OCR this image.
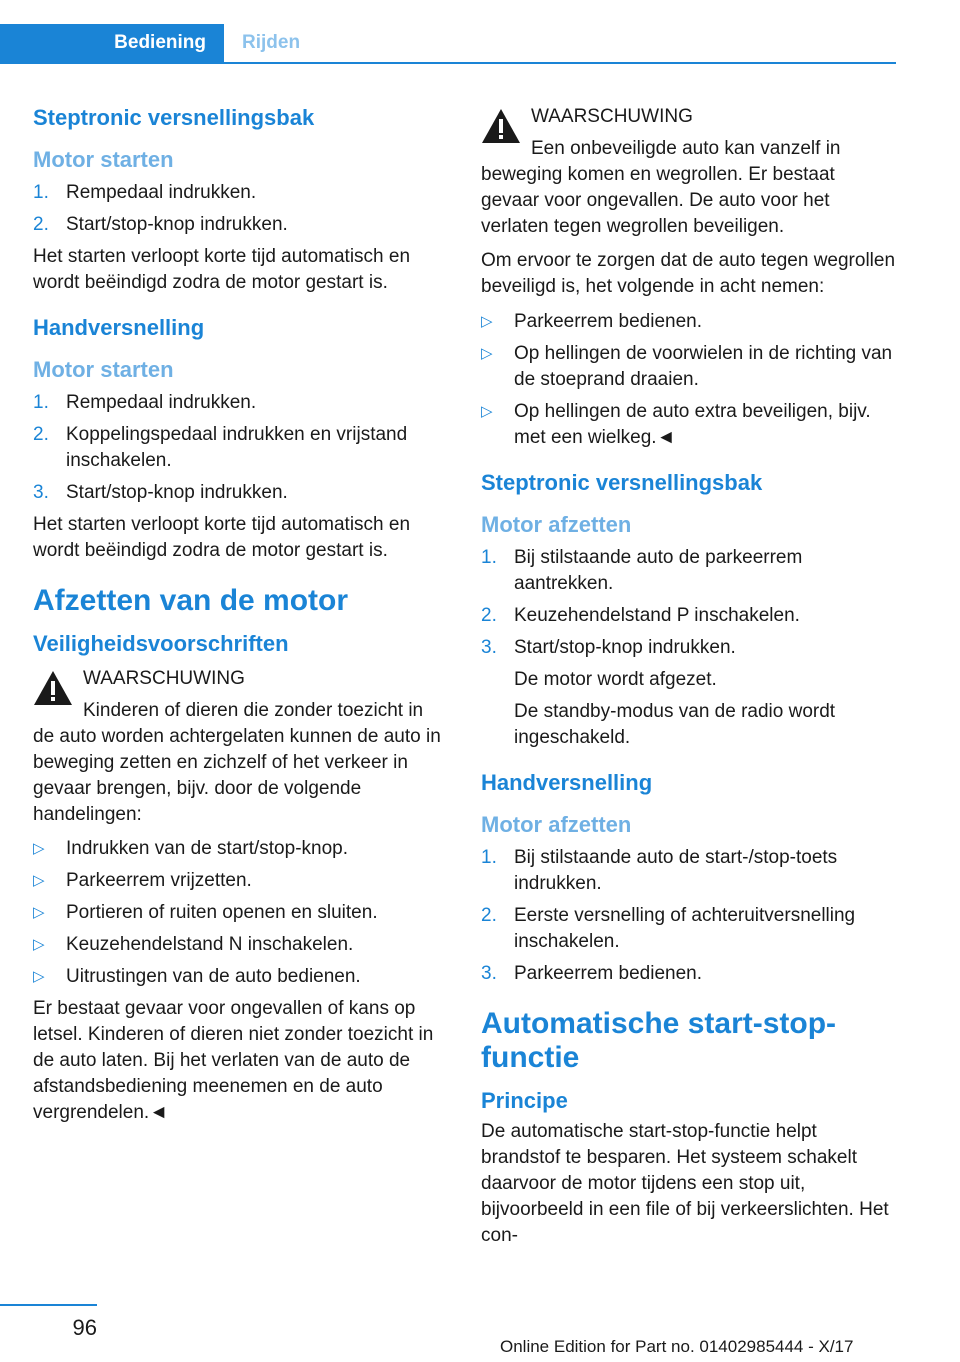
Bediening	Rijden
Steptronic versnellingsbak
Motor starten
1. Rempedaal indrukken.
2. Start/stop-knop indrukken.

Het starten verloopt korte tijd automatisch en wordt beëindigd zodra de motor gestart is.

Handversnelling
Motor starten
1. Rempedaal indrukken.
2. Koppelingspedaal indrukken en vrijstand inschakelen.
3. Start/stop-knop indrukken.

Het starten verloopt korte tijd automatisch en wordt beëindigd zodra de motor gestart is.

Afzetten van de motor
Veiligheidsvoorschriften
WAARSCHUWING

Kinderen of dieren die zonder toezicht in de auto worden achtergelaten kunnen de auto in beweging zetten en zichzelf of het verkeer in gevaar brengen, bijv. door de volgende handelingen:

▷ Indrukken van de start/stop-knop.
▷ Parkeerrem vrijzetten.
▷ Portieren of ruiten openen en sluiten.
▷ Keuzehendelstand N inschakelen.
▷ Uitrustingen van de auto bedienen.

Er bestaat gevaar voor ongevallen of kans op letsel. Kinderen of dieren niet zonder toezicht in de auto laten. Bij het verlaten van de auto de afstandsbediening meenemen en de auto vergrendelen.◄

WAARSCHUWING

Een onbeveiligde auto kan vanzelf in beweging komen en wegrollen. Er bestaat gevaar voor ongevallen. De auto voor het verlaten tegen wegrollen beveiligen.

Om ervoor te zorgen dat de auto tegen wegrollen beveiligd is, het volgende in acht nemen:

▷ Parkeerrem bedienen.
▷ Op hellingen de voorwielen in de richting van de stoeprand draaien.
▷ Op hellingen de auto extra beveiligen, bijv. met een wielkeg.◄
Steptronic versnellingsbak
Motor afzetten
1. Bij stilstaande auto de parkeerrem aantrekken.
2. Keuzehendelstand P inschakelen.
3. Start/stop-knop indrukken.

De motor wordt afgezet.

De standby-modus van de radio wordt ingeschakeld.

Handversnelling
Motor afzetten
1. Bij stilstaande auto de start-/stop-toets indrukken.
2. Eerste versnelling of achteruitversnelling inschakelen.
3. Parkeerrem bedienen.
Automatische start-stop-functie
Principe

De automatische start-stop-functie helpt brandstof te besparen. Het systeem schakelt daarvoor de motor tijdens een stop uit, bijvoorbeeld in een file of bij verkeerslichten. Het con-

96
Online Edition for Part no. 01402985444 - X/17
